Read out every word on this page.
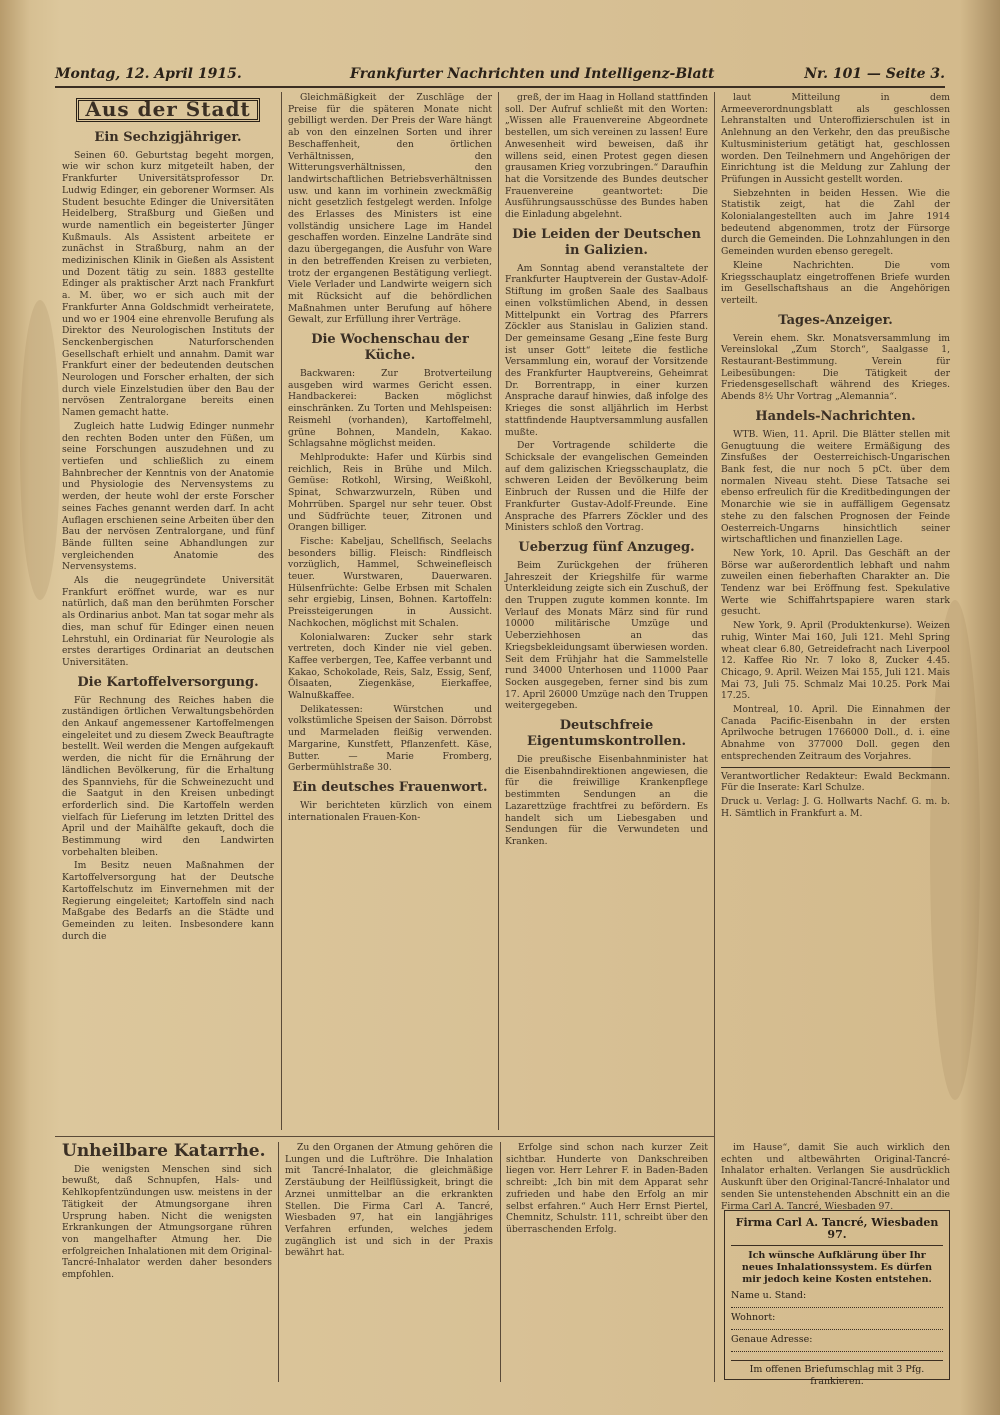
Montag, 12. April 1915.	Frankfurter Nachrichten und Intelligenz-Blatt	Nr. 101 — Seite 3.
Aus der Stadt
Ein Sechzigjähriger.

Seinen 60. Geburtstag begeht morgen, wie wir schon kurz mitgeteilt haben, der Frankfurter Universitätsprofessor Dr. Ludwig Edinger, ein geborener Wormser. Als Student besuchte Edinger die Universitäten Heidelberg, Straßburg und Gießen und wurde namentlich ein begeisterter Jünger Kußmauls. Als Assistent arbeitete er zunächst in Straßburg, nahm an der medizinischen Klinik in Gießen als Assistent und Dozent tätig zu sein. 1883 gestellte Edinger als praktischer Arzt nach Frankfurt a. M. über, wo er sich auch mit der Frankfurter Anna Goldschmidt verheiratete, und wo er 1904 eine ehrenvolle Berufung als Direktor des Neurologischen Instituts der Senckenbergischen Naturforschenden Gesellschaft erhielt und annahm. Damit war Frankfurt einer der bedeutenden deutschen Neurologen und Forscher erhalten, der sich durch viele Einzelstudien über den Bau der nervösen Zentralorgane bereits einen Namen gemacht hatte.

Zugleich hatte Ludwig Edinger nunmehr den rechten Boden unter den Füßen, um seine Forschungen auszudehnen und zu vertiefen und schließlich zu einem Bahnbrecher der Kenntnis von der Anatomie und Physiologie des Nervensystems zu werden, der heute wohl der erste Forscher seines Faches genannt werden darf. In acht Auflagen erschienen seine Arbeiten über den Bau der nervösen Zentralorgane, und fünf Bände füllten seine Abhandlungen zur vergleichenden Anatomie des Nervensystems.

Als die neugegründete Universität Frankfurt eröffnet wurde, war es nur natürlich, daß man den berühmten Forscher als Ordinarius anbot. Man tat sogar mehr als dies, man schuf für Edinger einen neuen Lehrstuhl, ein Ordinariat für Neurologie als erstes derartiges Ordinariat an deutschen Universitäten.

Die Kartoffelversorgung.

Für Rechnung des Reiches haben die zuständigen örtlichen Verwaltungsbehörden den Ankauf angemessener Kartoffelmengen eingeleitet und zu diesem Zweck Beauftragte bestellt. Weil werden die Mengen aufgekauft werden, die nicht für die Ernährung der ländlichen Bevölkerung, für die Erhaltung des Spannviehs, für die Schweinezucht und die Saatgut in den Kreisen unbedingt erforderlich sind. Die Kartoffeln werden vielfach für Lieferung im letzten Drittel des April und der Maihälfte gekauft, doch die Bestimmung wird den Landwirten vorbehalten bleiben.

Im Besitz neuen Maßnahmen der Kartoffelversorgung hat der Deutsche Kartoffelschutz im Einvernehmen mit der Regierung eingeleitet; Kartoffeln sind nach Maßgabe des Bedarfs an die Städte und Gemeinden zu leiten. Insbesondere kann durch die

Gleichmäßigkeit der Zuschläge der Preise für die späteren Monate nicht gebilligt werden. Der Preis der Ware hängt ab von den einzelnen Sorten und ihrer Beschaffenheit, den örtlichen Verhältnissen, den Witterungsverhältnissen, den landwirtschaftlichen Betriebsverhältnissen usw. und kann im vorhinein zweckmäßig nicht gesetzlich festgelegt werden. Infolge des Erlasses des Ministers ist eine vollständig unsichere Lage im Handel geschaffen worden. Einzelne Landräte sind dazu übergegangen, die Ausfuhr von Ware in den betreffenden Kreisen zu verbieten, trotz der ergangenen Bestätigung verliegt. Viele Verlader und Landwirte weigern sich mit Rücksicht auf die behördlichen Maßnahmen unter Berufung auf höhere Gewalt, zur Erfüllung ihrer Verträge.

Die Wochenschau der Küche.

Backwaren: Zur Brotverteilung ausgeben wird warmes Gericht essen. Handbackerei: Backen möglichst einschränken. Zu Torten und Mehlspeisen: Reismehl (vorhanden), Kartoffelmehl, grüne Bohnen, Mandeln, Kakao. Schlagsahne möglichst meiden.

Mehlprodukte: Hafer und Kürbis sind reichlich, Reis in Brühe und Milch. Gemüse: Rotkohl, Wirsing, Weißkohl, Spinat, Schwarzwurzeln, Rüben und Mohrrüben. Spargel nur sehr teuer. Obst und Südfrüchte teuer, Zitronen und Orangen billiger.

Fische: Kabeljau, Schellfisch, Seelachs besonders billig. Fleisch: Rindfleisch vorzüglich, Hammel, Schweinefleisch teuer. Wurstwaren, Dauerwaren. Hülsenfrüchte: Gelbe Erbsen mit Schalen sehr ergiebig, Linsen, Bohnen. Kartoffeln: Preissteigerungen in Aussicht. Nachkochen, möglichst mit Schalen.

Kolonialwaren: Zucker sehr stark vertreten, doch Kinder nie viel geben. Kaffee verbergen, Tee, Kaffee verbannt und Kakao, Schokolade, Reis, Salz, Essig, Senf, Ölsaaten, Ziegenkäse, Eierkaffee, Walnußkaffee.

Delikatessen: Würstchen und volkstümliche Speisen der Saison. Dörrobst und Marmeladen fleißig verwenden. Margarine, Kunstfett, Pflanzenfett. Käse, Butter. — Marie Fromberg, Gerbermühlstraße 30.

Ein deutsches Frauenwort.

Wir berichteten kürzlich von einem internationalen Frauen-Kon-

greß, der im Haag in Holland stattfinden soll. Der Aufruf schließt mit den Worten: „Wissen alle Frauenvereine Abgeordnete bestellen, um sich vereinen zu lassen! Eure Anwesenheit wird beweisen, daß ihr willens seid, einen Protest gegen diesen grausamen Krieg vorzubringen.“ Daraufhin hat die Vorsitzende des Bundes deutscher Frauenvereine geantwortet: Die Ausführungsausschüsse des Bundes haben die Einladung abgelehnt.

Die Leiden der Deutschen in Galizien.

Am Sonntag abend veranstaltete der Frankfurter Hauptverein der Gustav-Adolf-Stiftung im großen Saale des Saalbaus einen volkstümlichen Abend, in dessen Mittelpunkt ein Vortrag des Pfarrers Zöckler aus Stanislau in Galizien stand. Der gemeinsame Gesang „Eine feste Burg ist unser Gott“ leitete die festliche Versammlung ein, worauf der Vorsitzende des Frankfurter Hauptvereins, Geheimrat Dr. Borrentrapp, in einer kurzen Ansprache darauf hinwies, daß infolge des Krieges die sonst alljährlich im Herbst stattfindende Hauptversammlung ausfallen mußte.

Der Vortragende schilderte die Schicksale der evangelischen Gemeinden auf dem galizischen Kriegsschauplatz, die schweren Leiden der Bevölkerung beim Einbruch der Russen und die Hilfe der Frankfurter Gustav-Adolf-Freunde. Eine Ansprache des Pfarrers Zöckler und des Ministers schloß den Vortrag.

Ueberzug fünf Anzugeg.

Beim Zurückgehen der früheren Jahreszeit der Kriegshilfe für warme Unterkleidung zeigte sich ein Zuschuß, der den Truppen zugute kommen konnte. Im Verlauf des Monats März sind für rund 10000 militärische Umzüge und Ueberziehhosen an das Kriegsbekleidungsamt überwiesen worden. Seit dem Frühjahr hat die Sammelstelle rund 34000 Unterhosen und 11000 Paar Socken ausgegeben, ferner sind bis zum 17. April 26000 Umzüge nach den Truppen weitergegeben.

Deutschfreie Eigentumskontrollen.

Die preußische Eisenbahnminister hat die Eisenbahndirektionen angewiesen, die für die freiwillige Krankenpflege bestimmten Sendungen an die Lazarettzüge frachtfrei zu befördern. Es handelt sich um Liebesgaben und Sendungen für die Verwundeten und Kranken.

laut Mitteilung in dem Armeeverordnungsblatt als geschlossen Lehranstalten und Unteroffizierschulen ist in Anlehnung an den Verkehr, den das preußische Kultusministerium getätigt hat, geschlossen worden. Den Teilnehmern und Angehörigen der Einrichtung ist die Meldung zur Zahlung der Prüfungen in Aussicht gestellt worden.

Siebzehnten in beiden Hessen. Wie die Statistik zeigt, hat die Zahl der Kolonialangestellten auch im Jahre 1914 bedeutend abgenommen, trotz der Fürsorge durch die Gemeinden. Die Lohnzahlungen in den Gemeinden wurden ebenso geregelt.

Kleine Nachrichten. Die vom Kriegsschauplatz eingetroffenen Briefe wurden im Gesellschaftshaus an die Angehörigen verteilt.

Tages-Anzeiger.

Verein ehem. Skr. Monatsversammlung im Vereinslokal „Zum Storch“, Saalgasse 1, Restaurant-Bestimmung. Verein für Leibesübungen: Die Tätigkeit der Friedensgesellschaft während des Krieges. Abends 8½ Uhr Vortrag „Alemannia“.

Handels-Nachrichten.

WTB. Wien, 11. April. Die Blätter stellen mit Genugtuung die weitere Ermäßigung des Zinsfußes der Oesterreichisch-Ungarischen Bank fest, die nur noch 5 pCt. über dem normalen Niveau steht. Diese Tatsache sei ebenso erfreulich für die Kreditbedingungen der Monarchie wie sie in auffälligem Gegensatz stehe zu den falschen Prognosen der Feinde Oesterreich-Ungarns hinsichtlich seiner wirtschaftlichen und finanziellen Lage.

New York, 10. April. Das Geschäft an der Börse war außerordentlich lebhaft und nahm zuweilen einen fieberhaften Charakter an. Die Tendenz war bei Eröffnung fest. Spekulative Werte wie Schiffahrtspapiere waren stark gesucht.

New York, 9. April (Produktenkurse). Weizen ruhig, Winter Mai 160, Juli 121. Mehl Spring wheat clear 6.80, Getreidefracht nach Liverpool 12. Kaffee Rio Nr. 7 loko 8, Zucker 4.45. Chicago, 9. April. Weizen Mai 155, Juli 121. Mais Mai 73, Juli 75. Schmalz Mai 10.25. Pork Mai 17.25.

Montreal, 10. April. Die Einnahmen der Canada Pacific-Eisenbahn in der ersten Aprilwoche betrugen 1766000 Doll., d. i. eine Abnahme von 377000 Doll. gegen den entsprechenden Zeitraum des Vorjahres.

Verantwortlicher Redakteur: Ewald Beckmann. Für die Inserate: Karl Schulze.

Druck u. Verlag: J. G. Hollwarts Nachf. G. m. b. H. Sämtlich in Frankfurt a. M.

Unheilbare Katarrhe.

Die wenigsten Menschen sind sich bewußt, daß Schnupfen, Hals- und Kehlkopfentzündungen usw. meistens in der Tätigkeit der Atmungsorgane ihren Ursprung haben. Nicht die wenigsten Erkrankungen der Atmungsorgane rühren von mangelhafter Atmung her. Die erfolgreichen Inhalationen mit dem Original-Tancré-Inhalator werden daher besonders empfohlen.

Zu den Organen der Atmung gehören die Lungen und die Luftröhre. Die Inhalation mit Tancré-Inhalator, die gleichmäßige Zerstäubung der Heilflüssigkeit, bringt die Arznei unmittelbar an die erkrankten Stellen. Die Firma Carl A. Tancré, Wiesbaden 97, hat ein langjähriges Verfahren erfunden, welches jedem zugänglich ist und sich in der Praxis bewährt hat.

Erfolge sind schon nach kurzer Zeit sichtbar. Hunderte von Dankschreiben liegen vor. Herr Lehrer F. in Baden-Baden schreibt: „Ich bin mit dem Apparat sehr zufrieden und habe den Erfolg an mir selbst erfahren.“ Auch Herr Ernst Piertel, Chemnitz, Schulstr. 111, schreibt über den überraschenden Erfolg.

im Hause“, damit Sie auch wirklich den echten und altbewährten Original-Tancré-Inhalator erhalten. Verlangen Sie ausdrücklich Auskunft über den Original-Tancré-Inhalator und senden Sie untenstehenden Abschnitt ein an die Firma Carl A. Tancré, Wiesbaden 97.

Firma Carl A. Tancré, Wiesbaden 97.
Ich wünsche Aufklärung über Ihr neues Inhalationssystem. Es dürfen mir jedoch keine Kosten entstehen.
Name u. Stand:
Wohnort:
Genaue Adresse:
Im offenen Briefumschlag mit 3 Pfg. frankieren.
